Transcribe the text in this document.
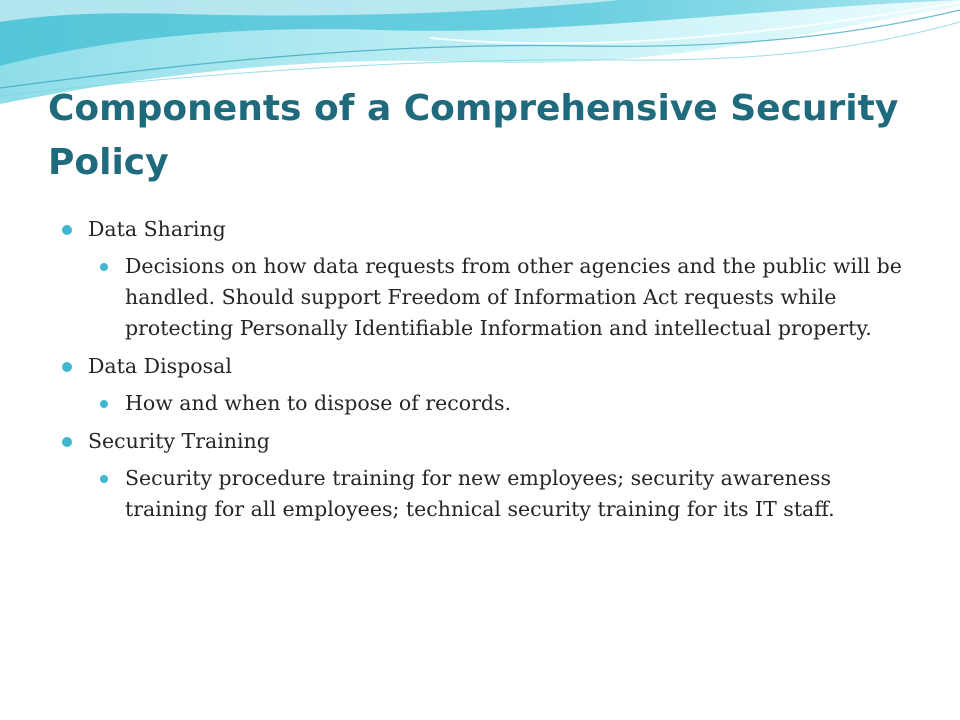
Components of a Comprehensive Security Policy
Data Sharing
Decisions on how data requests from other agencies and the public will be handled. Should support Freedom of Information Act requests while protecting Personally Identifiable Information and intellectual property.
Data Disposal
How and when to dispose of records.
Security Training
Security procedure training for new employees; security awareness training for all employees; technical security training for its IT staff.
